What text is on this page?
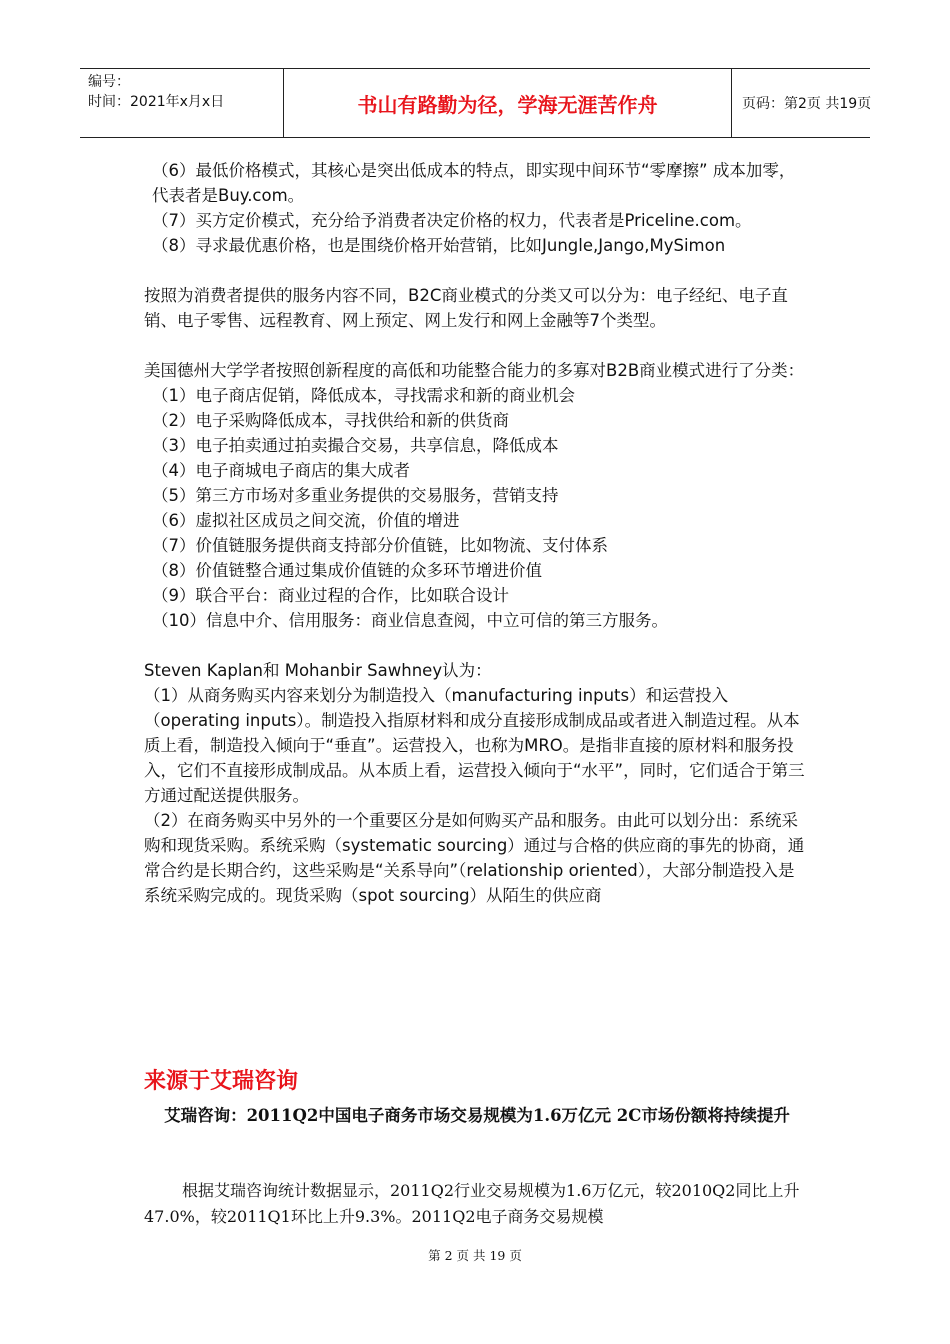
编号：
时间：2021年x月x日	书山有路勤为径，学海无涯苦作舟	页码：第2页 共19页

（6）最低价格模式，其核心是突出低成本的特点，即实现中间环节“零摩擦” 成本加零，代表者是Buy.com。

（7）买方定价模式，充分给予消费者决定价格的权力，代表者是Priceline.com。

（8）寻求最优惠价格，也是围绕价格开始营销，比如Jungle,Jango,MySimon

按照为消费者提供的服务内容不同，B2C商业模式的分类又可以分为：电子经纪、电子直销、电子零售、远程教育、网上预定、网上发行和网上金融等7个类型。

美国德州大学学者按照创新程度的高低和功能整合能力的多寡对B2B商业模式进行了分类：

（1）电子商店促销，降低成本，寻找需求和新的商业机会

（2）电子采购降低成本，寻找供给和新的供货商

（3）电子拍卖通过拍卖撮合交易，共享信息，降低成本

（4）电子商城电子商店的集大成者

（5）第三方市场对多重业务提供的交易服务，营销支持

（6）虚拟社区成员之间交流，价值的增进

（7）价值链服务提供商支持部分价值链，比如物流、支付体系

（8）价值链整合通过集成价值链的众多环节增进价值

（9）联合平台：商业过程的合作，比如联合设计

（10）信息中介、信用服务：商业信息查阅，中立可信的第三方服务。

Steven Kaplan和 Mohanbir Sawhney认为：

（1）从商务购买内容来划分为制造投入（manufacturing inputs）和运营投入（operating inputs）。制造投入指原材料和成分直接形成制成品或者进入制造过程。从本质上看，制造投入倾向于“垂直”。运营投入，也称为MRO。是指非直接的原材料和服务投入，它们不直接形成制成品。从本质上看，运营投入倾向于“水平”，同时，它们适合于第三方通过配送提供服务。

（2）在商务购买中另外的一个重要区分是如何购买产品和服务。由此可以划分出：系统采购和现货采购。系统采购（systematic sourcing）通过与合格的供应商的事先的协商，通常合约是长期合约，这些采购是“关系导向”（relationship oriented），大部分制造投入是系统采购完成的。现货采购（spot sourcing）从陌生的供应商

来源于艾瑞咨询
艾瑞咨询：2011Q2中国电子商务市场交易规模为1.6万亿元 2C市场份额将持续提升

根据艾瑞咨询统计数据显示，2011Q2行业交易规模为1.6万亿元，较2010Q2同比上升47.0%，较2011Q1环比上升9.3%。2011Q2电子商务交易规模

第 2 页 共 19 页
